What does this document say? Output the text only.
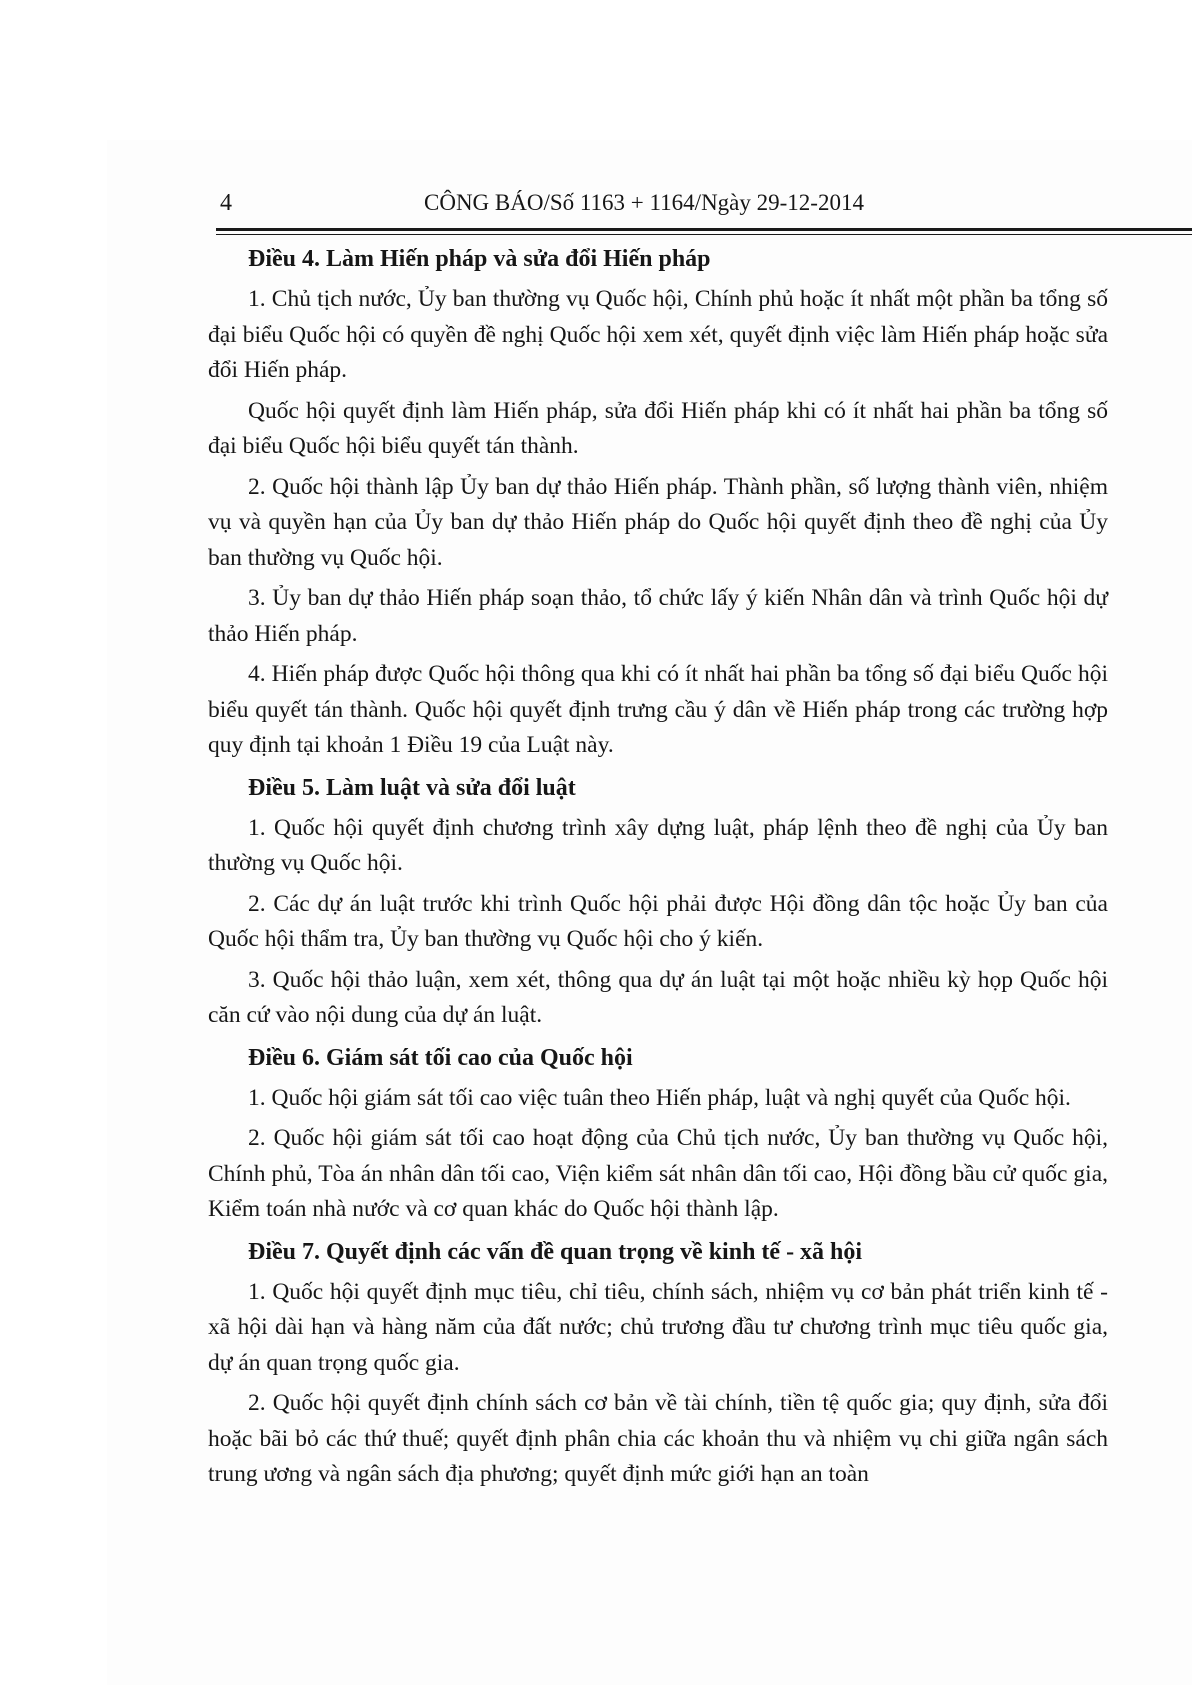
4	CÔNG BÁO/Số 1163 + 1164/Ngày 29-12-2014

Điều 4. Làm Hiến pháp và sửa đổi Hiến pháp

1. Chủ tịch nước, Ủy ban thường vụ Quốc hội, Chính phủ hoặc ít nhất một phần ba tổng số đại biểu Quốc hội có quyền đề nghị Quốc hội xem xét, quyết định việc làm Hiến pháp hoặc sửa đổi Hiến pháp.

Quốc hội quyết định làm Hiến pháp, sửa đổi Hiến pháp khi có ít nhất hai phần ba tổng số đại biểu Quốc hội biểu quyết tán thành.

2. Quốc hội thành lập Ủy ban dự thảo Hiến pháp. Thành phần, số lượng thành viên, nhiệm vụ và quyền hạn của Ủy ban dự thảo Hiến pháp do Quốc hội quyết định theo đề nghị của Ủy ban thường vụ Quốc hội.

3. Ủy ban dự thảo Hiến pháp soạn thảo, tổ chức lấy ý kiến Nhân dân và trình Quốc hội dự thảo Hiến pháp.

4. Hiến pháp được Quốc hội thông qua khi có ít nhất hai phần ba tổng số đại biểu Quốc hội biểu quyết tán thành. Quốc hội quyết định trưng cầu ý dân về Hiến pháp trong các trường hợp quy định tại khoản 1 Điều 19 của Luật này.

Điều 5. Làm luật và sửa đổi luật

1. Quốc hội quyết định chương trình xây dựng luật, pháp lệnh theo đề nghị của Ủy ban thường vụ Quốc hội.

2. Các dự án luật trước khi trình Quốc hội phải được Hội đồng dân tộc hoặc Ủy ban của Quốc hội thẩm tra, Ủy ban thường vụ Quốc hội cho ý kiến.

3. Quốc hội thảo luận, xem xét, thông qua dự án luật tại một hoặc nhiều kỳ họp Quốc hội căn cứ vào nội dung của dự án luật.

Điều 6. Giám sát tối cao của Quốc hội

1. Quốc hội giám sát tối cao việc tuân theo Hiến pháp, luật và nghị quyết của Quốc hội.

2. Quốc hội giám sát tối cao hoạt động của Chủ tịch nước, Ủy ban thường vụ Quốc hội, Chính phủ, Tòa án nhân dân tối cao, Viện kiểm sát nhân dân tối cao, Hội đồng bầu cử quốc gia, Kiểm toán nhà nước và cơ quan khác do Quốc hội thành lập.

Điều 7. Quyết định các vấn đề quan trọng về kinh tế - xã hội

1. Quốc hội quyết định mục tiêu, chỉ tiêu, chính sách, nhiệm vụ cơ bản phát triển kinh tế - xã hội dài hạn và hàng năm của đất nước; chủ trương đầu tư chương trình mục tiêu quốc gia, dự án quan trọng quốc gia.

2. Quốc hội quyết định chính sách cơ bản về tài chính, tiền tệ quốc gia; quy định, sửa đổi hoặc bãi bỏ các thứ thuế; quyết định phân chia các khoản thu và nhiệm vụ chi giữa ngân sách trung ương và ngân sách địa phương; quyết định mức giới hạn an toàn
